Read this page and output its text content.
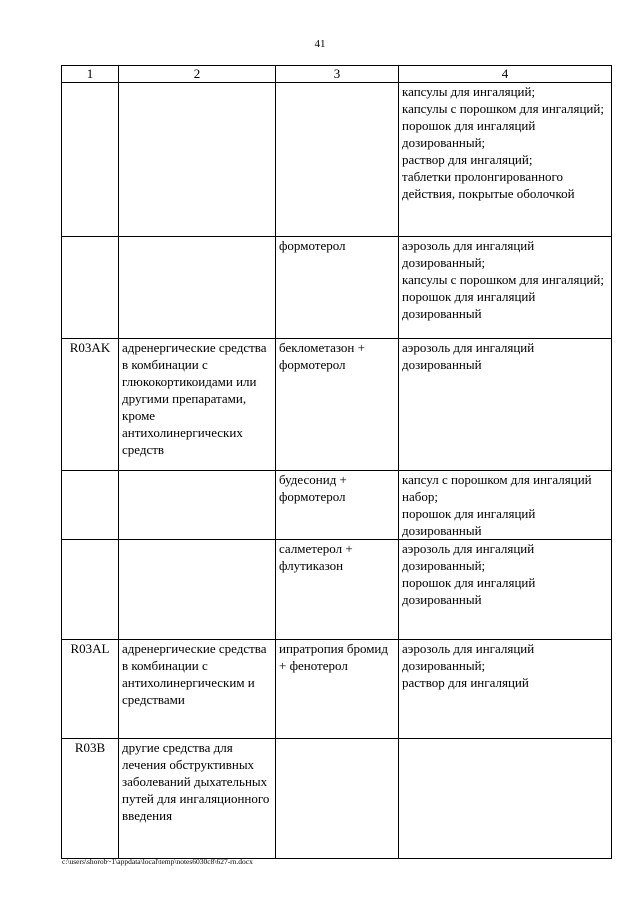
41
1	2	3	4
			капсулы для ингаляций;
капсулы с порошком для ингаляций;
порошок для ингаляций дозированный;
раствор для ингаляций;
таблетки пролонгированного действия, покрытые оболочкой
		формотерол	аэрозоль для ингаляций дозированный;
капсулы с порошком для ингаляций;
порошок для ингаляций дозированный
R03AK	адренергические средства в комбинации с глюкокортикоидами или другими препаратами, кроме антихолинергических средств	беклометазон + формотерол	аэрозоль для ингаляций дозированный
		будесонид + формотерол	капсул с порошком для ингаляций набор;
порошок для ингаляций дозированный
		салметерол + флутиказон	аэрозоль для ингаляций дозированный;
порошок для ингаляций дозированный
R03AL	адренергические средства в комбинации с антихолинергическим и средствами	ипратропия бромид + фенотерол	аэрозоль для ингаляций дозированный;
раствор для ингаляций
R03B	другие средства для лечения обструктивных заболеваний дыхательных путей для ингаляционного введения		
c:\users\shorob~1\appdata\local\temp\notes6030c8\627-rn.docx
